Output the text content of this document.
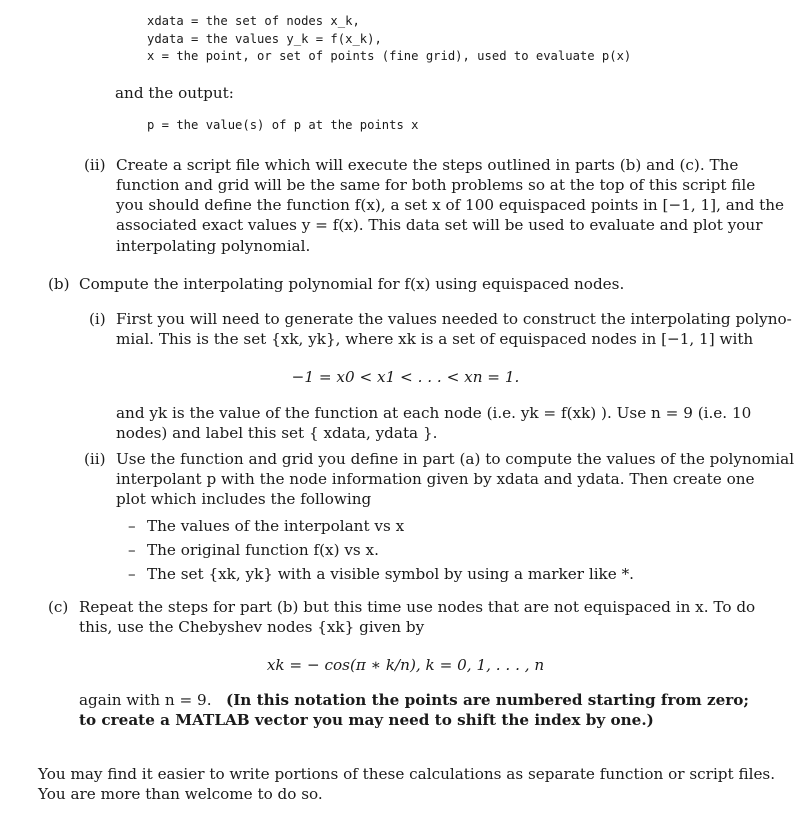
xdata = the set of nodes x_k,
ydata = the values y_k = f(x_k),
x = the point, or set of points (fine grid), used to evaluate p(x)
and the output:
p = the value(s) of p at the points x
(ii) Create a script file which will execute the steps outlined in parts (b) and (c). The
function and grid will be the same for both problems so at the top of this script file
you should define the function f(x), a set x of 100 equispaced points in [−1, 1], and the
associated exact values y = f(x). This data set will be used to evaluate and plot your
interpolating polynomial.
(b) Compute the interpolating polynomial for f(x) using equispaced nodes.
(i) First you will need to generate the values needed to construct the interpolating polyno-
mial. This is the set {xk, yk}, where xk is a set of equispaced nodes in [−1, 1] with
−1 = x0 < x1 < . . . < xn = 1.
and yk is the value of the function at each node (i.e. yk = f(xk) ). Use n = 9 (i.e. 10
nodes) and label this set { xdata, ydata }.
(ii) Use the function and grid you define in part (a) to compute the values of the polynomial
interpolant p with the node information given by xdata and ydata. Then create one
plot which includes the following
– The values of the interpolant vs x
– The original function f(x) vs x.
– The set {xk, yk} with a visible symbol by using a marker like *.
(c) Repeat the steps for part (b) but this time use nodes that are not equispaced in x. To do
this, use the Chebyshev nodes {xk} given by
xk = − cos(π ∗ k/n), k = 0, 1, . . . , n
again with n = 9. (In this notation the points are numbered starting from zero;
to create a MATLAB vector you may need to shift the index by one.)
You may find it easier to write portions of these calculations as separate function or script files.
You are more than welcome to do so.
